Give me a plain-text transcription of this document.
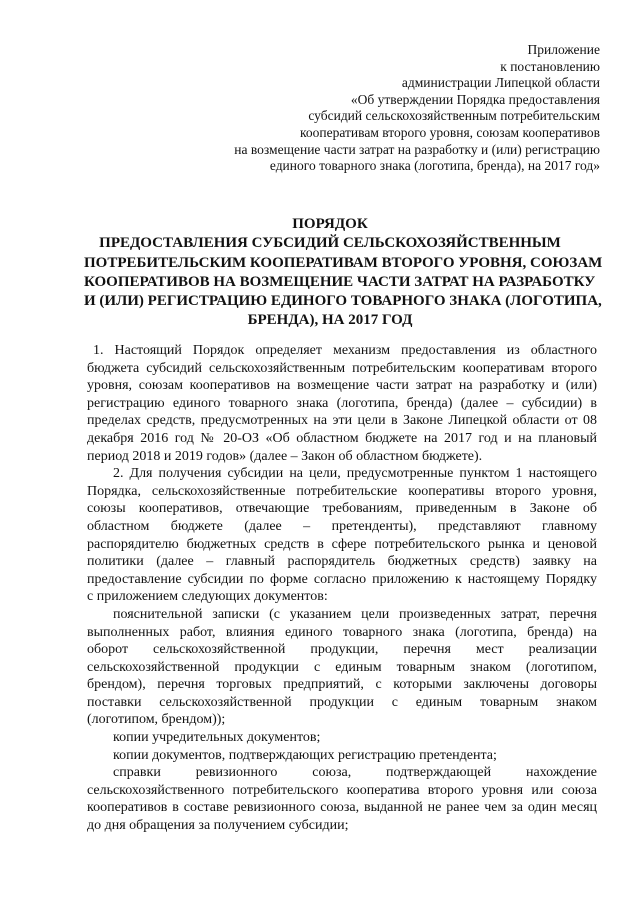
Приложение
к постановлению
администрации Липецкой области
«Об утверждении Порядка предоставления
субсидий сельскохозяйственным потребительским
кооперативам второго уровня, союзам кооперативов
на возмещение части затрат на разработку и (или) регистрацию
единого товарного знака (логотипа, бренда), на 2017 год»
ПОРЯДОК
ПРЕДОСТАВЛЕНИЯ СУБСИДИЙ СЕЛЬСКОХОЗЯЙСТВЕННЫМ
ПОТРЕБИТЕЛЬСКИМ КООПЕРАТИВАМ ВТОРОГО УРОВНЯ, СОЮЗАМ
КООПЕРАТИВОВ НА ВОЗМЕЩЕНИЕ ЧАСТИ ЗАТРАТ НА РАЗРАБОТКУ
И (ИЛИ) РЕГИСТРАЦИЮ ЕДИНОГО ТОВАРНОГО ЗНАКА (ЛОГОТИПА,
БРЕНДА), НА 2017 ГОД
1. Настоящий Порядок определяет механизм предоставления из областного
бюджета субсидий сельскохозяйственным потребительским кооперативам второго
уровня, союзам кооперативов на возмещение части затрат на разработку и (или)
регистрацию единого товарного знака (логотипа, бренда) (далее – субсидии) в
пределах средств, предусмотренных на эти цели в Законе Липецкой области от 08
декабря 2016 год № 20-ОЗ «Об областном бюджете на 2017 год и на плановый
период 2018 и 2019 годов» (далее – Закон об областном бюджете).
2. Для получения субсидии на цели, предусмотренные пунктом 1 настоящего
Порядка, сельскохозяйственные потребительские кооперативы второго уровня,
союзы кооперативов, отвечающие требованиям, приведенным в Законе об
областном бюджете (далее – претенденты), представляют главному
распорядителю бюджетных средств в сфере потребительского рынка и ценовой
политики (далее – главный распорядитель бюджетных средств) заявку на
предоставление субсидии по форме согласно приложению к настоящему Порядку
с приложением следующих документов:
пояснительной записки (с указанием цели произведенных затрат, перечня
выполненных работ, влияния единого товарного знака (логотипа, бренда) на
оборот сельскохозяйственной продукции, перечня мест реализации
сельскохозяйственной продукции с единым товарным знаком (логотипом,
брендом), перечня торговых предприятий, с которыми заключены договоры
поставки сельскохозяйственной продукции с единым товарным знаком
(логотипом, брендом));
копии учредительных документов;
копии документов, подтверждающих регистрацию претендента;
справки ревизионного союза, подтверждающей нахождение
сельскохозяйственного потребительского кооператива второго уровня или союза
кооперативов в составе ревизионного союза, выданной не ранее чем за один месяц
до дня обращения за получением субсидии;
